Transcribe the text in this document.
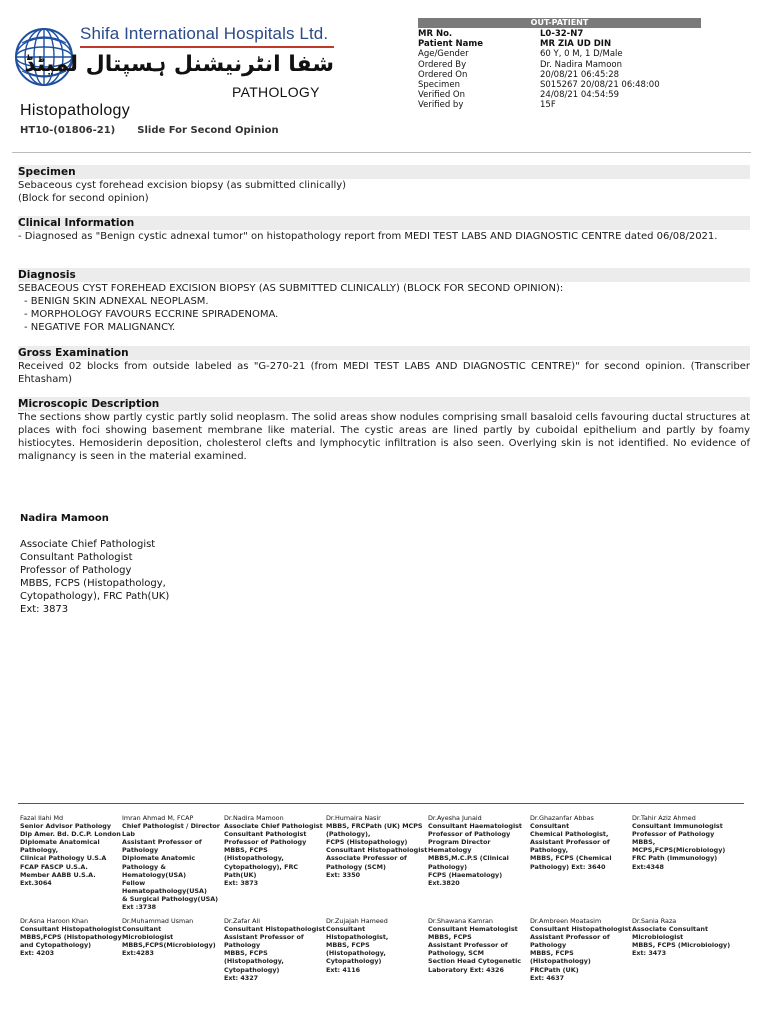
Shifa International Hospitals Ltd.
شفا انٹرنیشنل ہسپتال لمیٹڈ
PATHOLOGY
Histopathology
HT10-(01806-21) Slide For Second Opinion
OUT-PATIENT
MR No.	L0-32-N7
Patient Name	MR ZIA UD DIN
Age/Gender	60 Y, 0 M, 1 D/Male
Ordered By	Dr. Nadira Mamoon
Ordered On	20/08/21 06:45:28
Specimen	S015267 20/08/21 06:48:00
Verified On	24/08/21 04:54:59
Verified by	15F
Specimen
Sebaceous cyst forehead excision biopsy (as submitted clinically)
(Block for second opinion)
Clinical Information
- Diagnosed as "Benign cystic adnexal tumor" on histopathology report from MEDI TEST LABS AND DIAGNOSTIC CENTRE dated 06/08/2021.
Diagnosis
SEBACEOUS CYST FOREHEAD EXCISION BIOPSY (AS SUBMITTED CLINICALLY) (BLOCK FOR SECOND OPINION):
- BENIGN SKIN ADNEXAL NEOPLASM.
- MORPHOLOGY FAVOURS ECCRINE SPIRADENOMA.
- NEGATIVE FOR MALIGNANCY.
Gross Examination
Received 02 blocks from outside labeled as "G-270-21 (from MEDI TEST LABS AND DIAGNOSTIC CENTRE)" for second opinion. (Transcriber Ehtasham)
Microscopic Description
The sections show partly cystic partly solid neoplasm. The solid areas show nodules comprising small basaloid cells favouring ductal structures at places with foci showing basement membrane like material. The cystic areas are lined partly by cuboidal epithelium and partly by foamy histiocytes. Hemosiderin deposition, cholesterol clefts and lymphocytic infiltration is also seen. Overlying skin is not identified. No evidence of malignancy is seen in the material examined.
Nadira Mamoon
Associate Chief Pathologist
Consultant Pathologist
Professor of Pathology
MBBS, FCPS (Histopathology,
Cytopathology), FRC Path(UK)
Ext: 3873
Fazal Ilahi Md
Senior Advisor Pathology
Dip Amer. Bd. D.C.P. London
Diplomate Anatomical
Pathology,
Clinical Pathology U.S.A
FCAP FASCP U.S.A.
Member AABB U.S.A.
Ext.3064
Imran Ahmad M, FCAP
Chief Pathologist / Director
Lab
Assistant Professor of
Pathology
Diplomate Anatomic
Pathology &
Hematology(USA)
Fellow
Hematopathology(USA)
& Surgical Pathology(USA)
Ext :3738
Dr.Nadira Mamoon
Associate Chief Pathologist
Consultant Pathologist
Professor of Pathology
MBBS, FCPS
(Histopathology,
Cytopathology), FRC
Path(UK)
Ext: 3873
Dr.Humaira Nasir
MBBS, FRCPath (UK) MCPS
(Pathology),
FCPS (Histopathology)
Consultant Histopathologist
Associate Professor of
Pathology (SCM)
Ext: 3350
Dr.Ayesha Junaid
Consultant Haematologist
Professor of Pathology
Program Director
Hematology
MBBS,M.C.P.S (Clinical
Pathology)
FCPS (Haematology)
Ext.3820
Dr.Ghazanfar Abbas
Consultant
Chemical Pathologist,
Assistant Professor of
Pathology,
MBBS, FCPS (Chemical
Pathology) Ext: 3640
Dr.Tahir Aziz Ahmed
Consultant Immunologist
Professor of Pathology
MBBS,
MCPS,FCPS(Microbiology)
FRC Path (Immunology)
Ext:4348
Dr.Asna Haroon Khan
Consultant Histopathologist
MBBS,FCPS (Histopathology
and Cytopathology)
Ext: 4203
Dr.Muhammad Usman
Consultant
Microbiologist
MBBS,FCPS(Microbiology)
Ext:4283
Dr.Zafar Ali
Consultant Histopathologist
Assistant Professor of
Pathology
MBBS, FCPS
(Histopathology,
Cytopathology)
Ext: 4327
Dr.Zujajah Hameed
Consultant
Histopathologist,
MBBS, FCPS
(Histopathology,
Cytopathology)
Ext: 4116
Dr.Shawana Kamran
Consultant Hematologist
MBBS, FCPS
Assistant Professor of
Pathology, SCM
Section Head Cytogenetic
Laboratory Ext: 4326
Dr.Ambreen Moatasim
Consultant Histopathologist
Assistant Professor of
Pathology
MBBS, FCPS
(Histopathology)
FRCPath (UK)
Ext: 4637
Dr.Sania Raza
Associate Consultant
Microbiologist
MBBS, FCPS (Microbiology)
Ext: 3473
